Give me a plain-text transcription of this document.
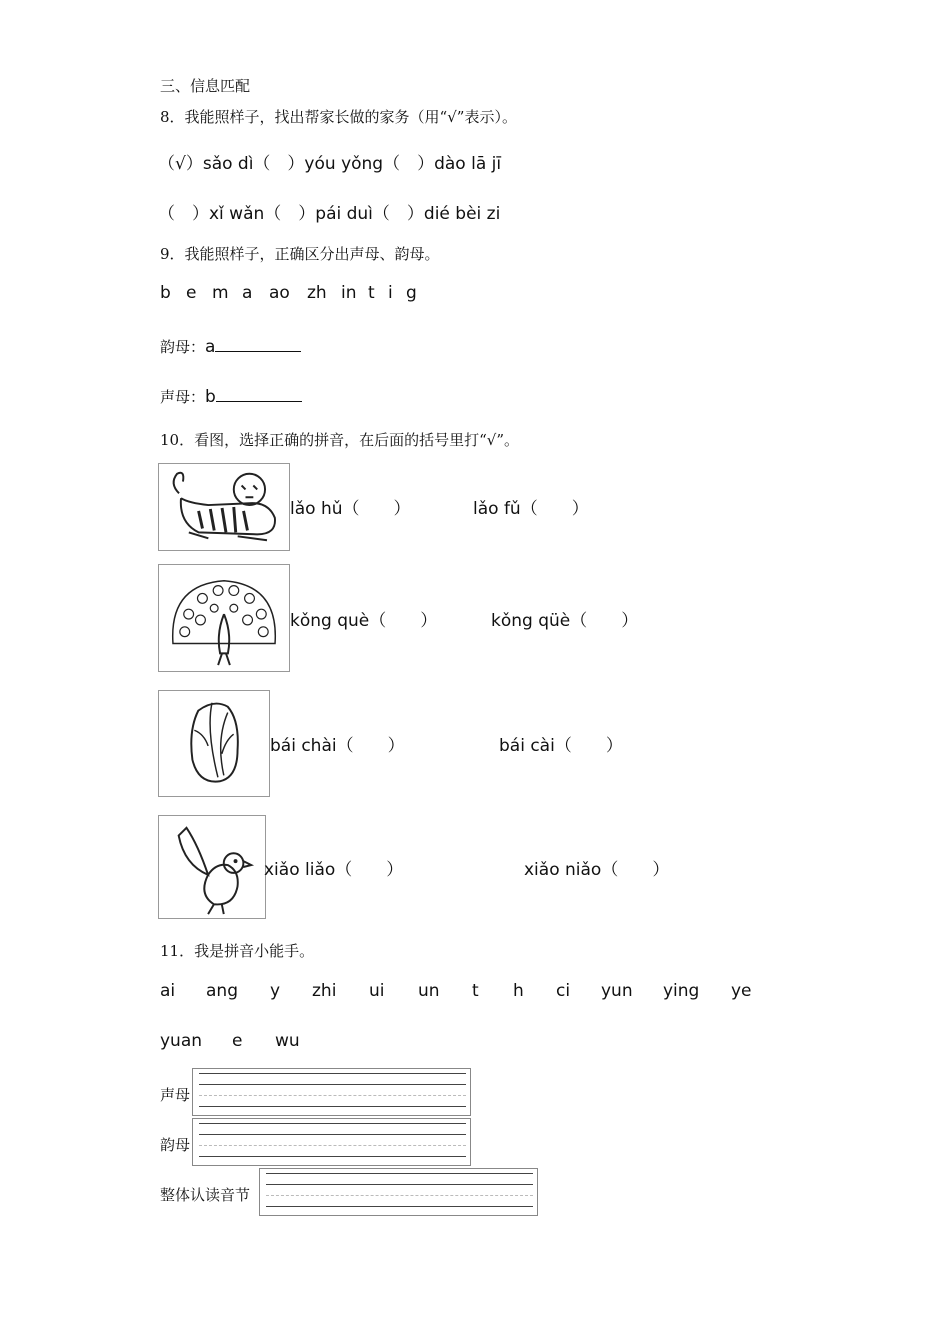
三、信息匹配
8．我能照样子，找出帮家长做的家务（用“√”表示）。
（√）sǎo dì（　）yóu yǒng（　）dào lā jī
（　）xǐ wǎn（　）pái duì（　）dié bèi zi
9．我能照样子，正确区分出声母、韵母。
b e m a ao zh in t i g
韵母：a
声母：b
10．看图，选择正确的拼音，在后面的括号里打“√”。
lǎo hǔ（　　）	lǎo fǔ（　　）
kǒng què（　　）	kǒng qüè（　　）
bái chài（　　）	bái cài（　　）
xiǎo liǎo（　　）	xiǎo niǎo（　　）
11．我是拼音小能手。
ai ang y zhi ui un t h ci yun ying ye
yuan e wu
声母
韵母
整体认读音节
